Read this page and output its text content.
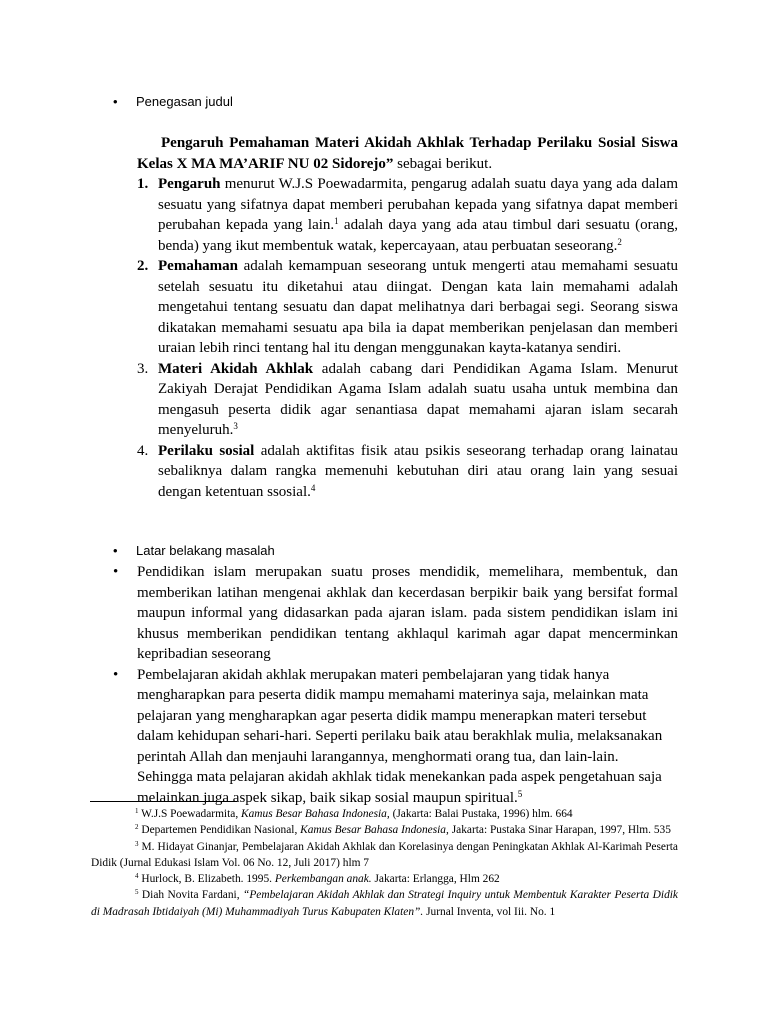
• Penegasan judul
Pengaruh Pemahaman Materi Akidah Akhlak Terhadap Perilaku Sosial Siswa Kelas X MA MA’ARIF NU 02 Sidorejo” sebagai berikut.
1. Pengaruh menurut W.J.S Poewadarmita, pengarug adalah suatu daya yang ada dalam sesuatu yang sifatnya dapat memberi perubahan kepada yang sifatnya dapat memberi perubahan kepada yang lain.$^1$ adalah daya yang ada atau timbul dari sesuatu (orang, benda) yang ikut membentuk watak, kepercayaan, atau perbuatan seseorang.$^2$
2. Pemahaman adalah kemampuan seseorang untuk mengerti atau memahami sesuatu setelah sesuatu itu diketahui atau diingat. Dengan kata lain memahami adalah mengetahui tentang sesuatu dan dapat melihatnya dari berbagai segi. Seorang siswa dikatakan memahami sesuatu apa bila ia dapat memberikan penjelasan dan memberi uraian lebih rinci tentang hal itu dengan menggunakan kayta-katanya sendiri.
3. Materi Akidah Akhlak adalah cabang dari Pendidikan Agama Islam. Menurut Zakiyah Derajat Pendidikan Agama Islam adalah suatu usaha untuk membina dan mengasuh peserta didik agar senantiasa dapat memahami ajaran islam secarah menyeluruh.$^3$
4. Perilaku sosial adalah aktifitas fisik atau psikis seseorang terhadap orang lainatau sebaliknya dalam rangka memenuhi kebutuhan diri atau orang lain yang sesuai dengan ketentuan ssosial.$^4$
• Latar belakang masalah
• Pendidikan islam merupakan suatu proses mendidik, memelihara, membentuk, dan memberikan latihan mengenai akhlak dan kecerdasan berpikir baik yang bersifat formal maupun informal yang didasarkan pada ajaran islam. pada sistem pendidikan islam ini khusus memberikan pendidikan tentang akhlaqul karimah agar dapat mencerminkan kepribadian seseorang
• Pembelajaran akidah akhlak merupakan materi pembelajaran yang tidak hanya mengharapkan para peserta didik mampu memahami materinya saja, melainkan mata pelajaran yang mengharapkan agar peserta didik mampu menerapkan materi tersebut dalam kehidupan sehari-hari. Seperti perilaku baik atau berakhlak mulia, melaksanakan perintah Allah dan menjauhi larangannya, menghormati orang tua, dan lain-lain. Sehingga mata pelajaran akidah akhlak tidak menekankan pada aspek pengetahuan saja melainkan juga aspek sikap, baik sikap sosial maupun spiritual.$^5$
$^1$ W.J.S Poewadarmita, Kamus Besar Bahasa Indonesia, (Jakarta: Balai Pustaka, 1996) hlm. 664
$^2$ Departemen Pendidikan Nasional, Kamus Besar Bahasa Indonesia, Jakarta: Pustaka Sinar Harapan, 1997, Hlm. 535
$^3$ M. Hidayat Ginanjar, Pembelajaran Akidah Akhlak dan Korelasinya dengan Peningkatan Akhlak Al-Karimah Peserta Didik (Jurnal Edukasi Islam Vol. 06 No. 12, Juli 2017) hlm 7
$^4$ Hurlock, B. Elizabeth. 1995. Perkembangan anak. Jakarta: Erlangga, Hlm 262
$^5$ Diah Novita Fardani, “Pembelajaran Akidah Akhlak dan Strategi Inquiry untuk Membentuk Karakter Peserta Didik di Madrasah Ibtidaiyah (Mi) Muhammadiyah Turus Kabupaten Klaten”. Jurnal Inventa, vol Iii. No. 1
